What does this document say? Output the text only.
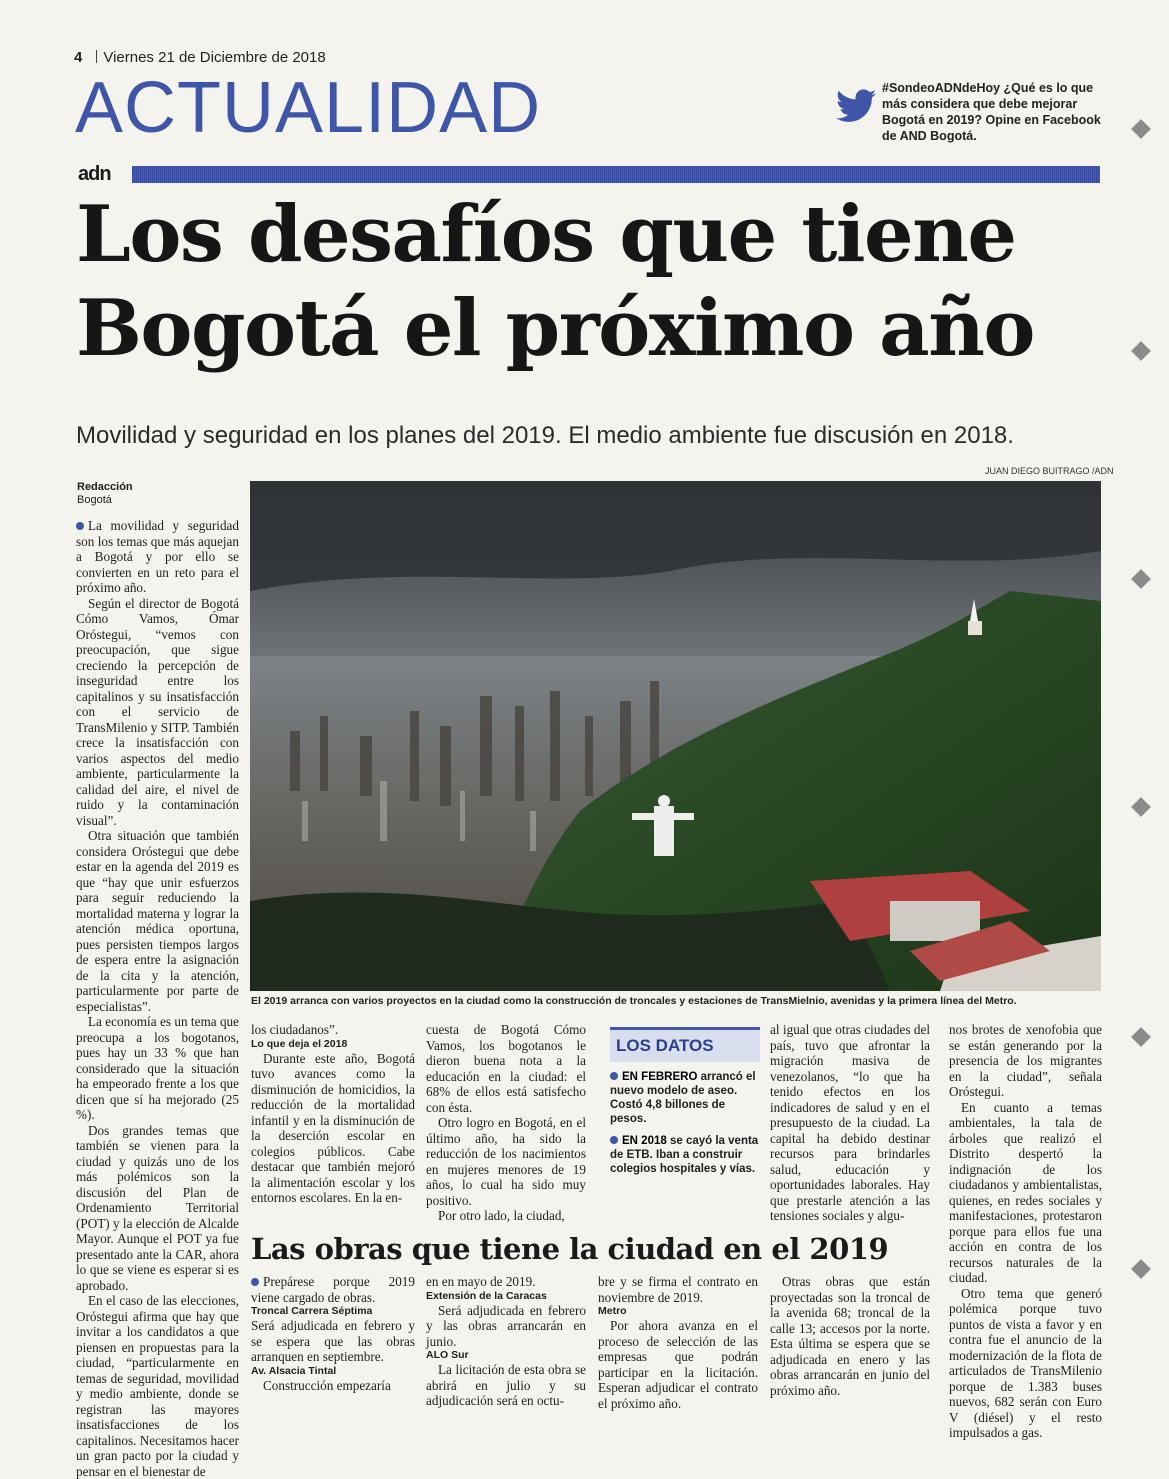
4 Viernes 21 de Diciembre de 2018
ACTUALIDAD	#SondeoADNdeHoy ¿Qué es lo que más considera que debe mejorar Bogotá en 2019? Opine en Facebook de AND Bogotá.
adn
Los desafíos que tiene
Bogotá el próximo año
Movilidad y seguridad en los planes del 2019. El medio ambiente fue discusión en 2018.
JUAN DIEGO BUITRAGO /ADN
Redacción
Bogotá
El 2019 arranca con varios proyectos en la ciudad como la construcción de troncales y estaciones de TransMielnio, avenidas y la primera línea del Metro.

La movilidad y seguridad son los temas que más aquejan a Bogotá y por ello se convierten en un reto para el próximo año.

Según el director de Bogotá Cómo Vamos, Ómar Oróstegui, “vemos con preocupación, que sigue creciendo la percepción de inseguridad entre los capitalinos y su insatisfacción con el servicio de TransMilenio y SITP. También crece la insatisfacción con varios aspectos del medio ambiente, particularmente la calidad del aire, el nivel de ruido y la contaminación visual”.

Otra situación que también considera Oróstegui que debe estar en la agenda del 2019 es que “hay que unir esfuerzos para seguir reduciendo la mortalidad materna y lograr la atención médica oportuna, pues persisten tiempos largos de espera entre la asignación de la cita y la atención, particularmente por parte de especialistas”.

La economía es un tema que preocupa a los bogotanos, pues hay un 33 % que han considerado que la situación ha empeorado frente a los que dicen que sí ha mejorado (25 %).

Dos grandes temas que también se vienen para la ciudad y quizás uno de los más polémicos son la discusión del Plan de Ordenamiento Territorial (POT) y la elección de Alcalde Mayor. Aunque el POT ya fue presentado ante la CAR, ahora lo que se viene es esperar si es aprobado.

En el caso de las elecciones, Oróstegui afirma que hay que invitar a los candidatos a que piensen en propuestas para la ciudad, “particularmente en temas de seguridad, movilidad y medio ambiente, donde se registran las mayores insatisfacciones de los capitalinos. Necesitamos hacer un gran pacto por la ciudad y pensar en el bienestar de

los ciudadanos”.

Lo que deja el 2018

Durante este año, Bogotá tuvo avances como la disminución de homicidios, la reducción de la mortalidad infantil y en la disminución de la deserción escolar en colegios públicos. Cabe destacar que también mejoró la alimentación escolar y los entornos escolares. En la en-

cuesta de Bogotá Cómo Vamos, los bogotanos le dieron buena nota a la educación en la ciudad: el 68% de ellos está satisfecho con ésta.

Otro logro en Bogotá, en el último año, ha sido la reducción de los nacimientos en mujeres menores de 19 años, lo cual ha sido muy positivo.

Por otro lado, la ciudad,

LOS DATOS
EN FEBRERO arrancó el nuevo modelo de aseo. Costó 4,8 billones de pesos.
EN 2018 se cayó la venta de ETB. Iban a construir colegios hospitales y vías.

al igual que otras ciudades del país, tuvo que afrontar la migración masiva de venezolanos, “lo que ha tenido efectos en los indicadores de salud y en el presupuesto de la ciudad. La capital ha debido destinar recursos para brindarles salud, educación y oportunidades laborales. Hay que prestarle atención a las tensiones sociales y algu-

nos brotes de xenofobia que se están generando por la presencia de los migrantes en la ciudad”, señala Oróstegui.

En cuanto a temas ambientales, la tala de árboles que realizó el Distrito despertó la indignación de los ciudadanos y ambientalistas, quienes, en redes sociales y manifestaciones, protestaron porque para ellos fue una acción en contra de los recursos naturales de la ciudad.

Otro tema que generó polémica porque tuvo puntos de vista a favor y en contra fue el anuncio de la modernización de la flota de articulados de TransMilenio porque de 1.383 buses nuevos, 682 serán con Euro V (diésel) y el resto impulsados a gas.

Las obras que tiene la ciudad en el 2019

Prepárese porque 2019 viene cargado de obras.

Troncal Carrera Séptima

Será adjudicada en febrero y se espera que las obras arranquen en septiembre.

Av. Alsacia Tintal

Construcción empezaría

en en mayo de 2019.

Extensión de la Caracas

Será adjudicada en febrero y las obras arrancarán en junio.

ALO Sur

La licitación de esta obra se abrirá en julio y su adjudicación será en octu-

bre y se firma el contrato en noviembre de 2019.

Metro

Por ahora avanza en el proceso de selección de las empresas que podrán participar en la licitación. Esperan adjudicar el contrato el próximo año.

Otras obras que están proyectadas son la troncal de la avenida 68; troncal de la calle 13; accesos por la norte. Esta última se espera que se adjudicada en enero y las obras arrancarán en junio del próximo año.
